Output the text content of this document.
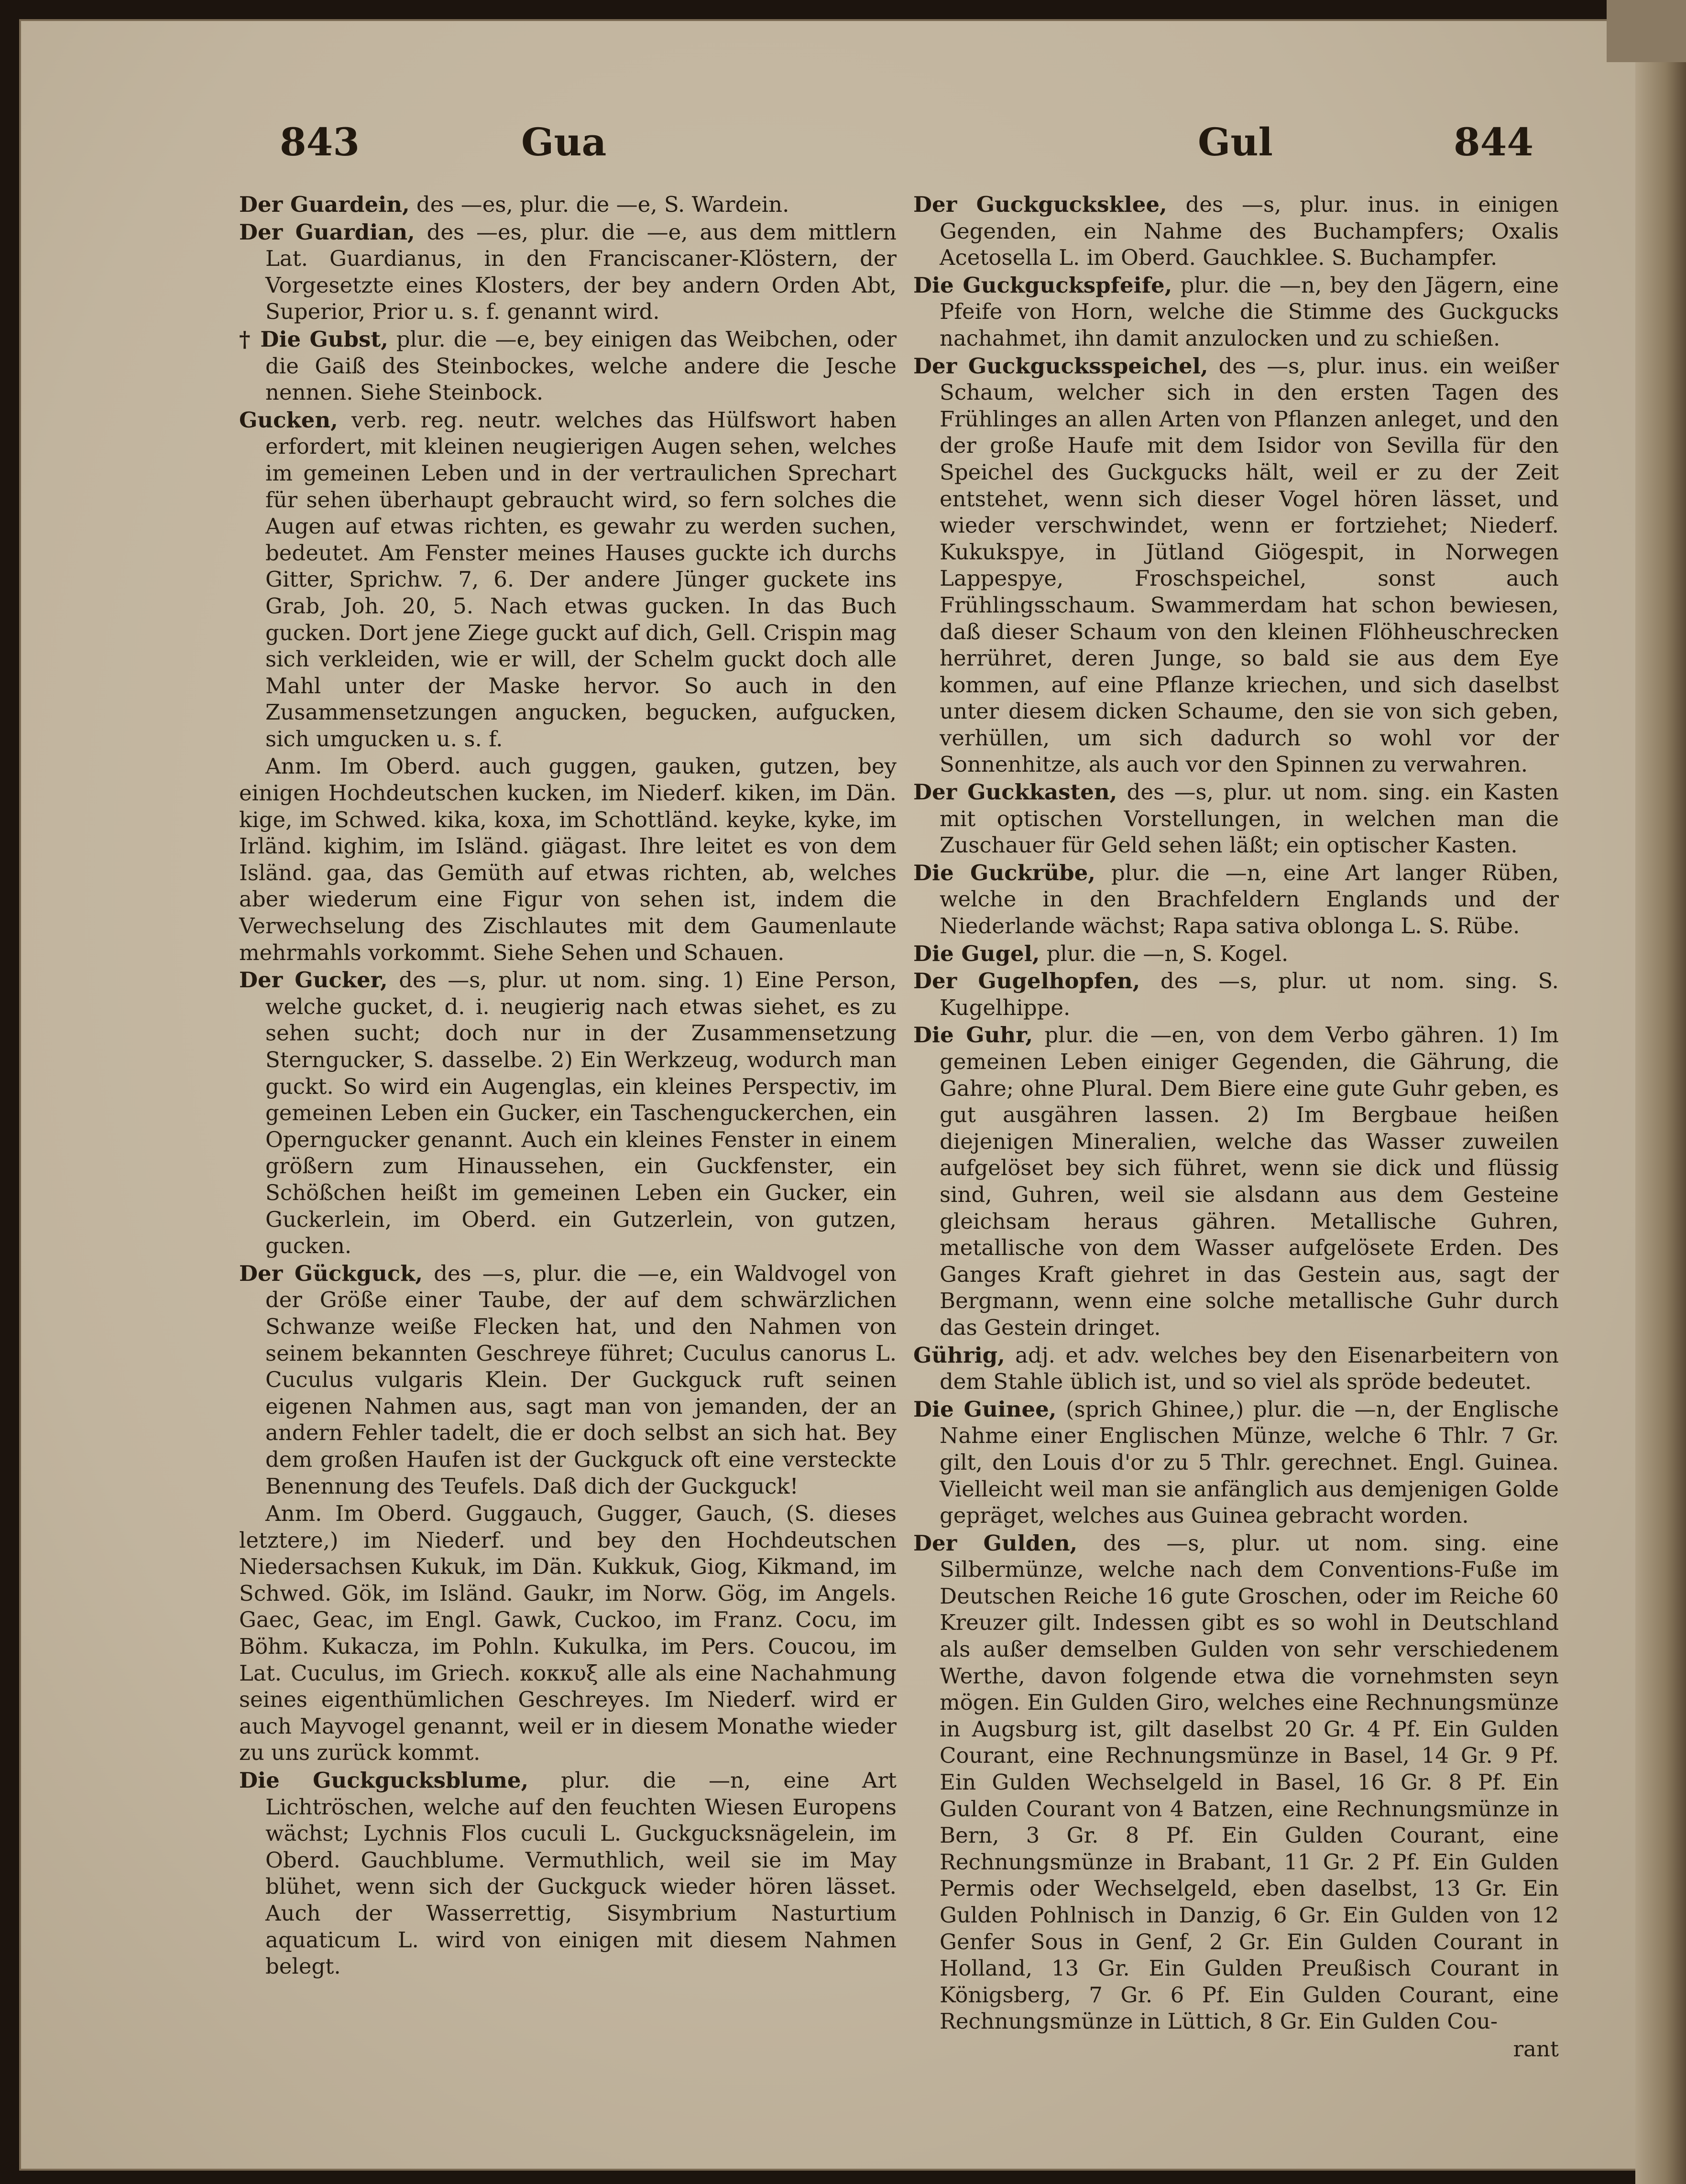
843	Gua	Gul	844

Der Guardein, des —es, plur. die —e, S. Wardein.

Der Guardian, des —es, plur. die —e, aus dem mittlern Lat. Guardianus, in den Franciscaner-Klöstern, der Vorgesetzte eines Klosters, der bey andern Orden Abt, Superior, Prior u. s. f. genannt wird.

† Die Gubst, plur. die —e, bey einigen das Weibchen, oder die Gaiß des Steinbockes, welche andere die Jesche nennen. Siehe Steinbock.

Gucken, verb. reg. neutr. welches das Hülfswort haben erfordert, mit kleinen neugierigen Augen sehen, welches im gemeinen Leben und in der vertraulichen Sprechart für sehen überhaupt gebraucht wird, so fern solches die Augen auf etwas richten, es gewahr zu werden suchen, bedeutet. Am Fenster meines Hauses guckte ich durchs Gitter, Sprichw. 7, 6. Der andere Jünger guckete ins Grab, Joh. 20, 5. Nach etwas gucken. In das Buch gucken. Dort jene Ziege guckt auf dich, Gell. Crispin mag sich verkleiden, wie er will, der Schelm guckt doch alle Mahl unter der Maske hervor. So auch in den Zusammensetzungen angucken, begucken, aufgucken, sich umgucken u. s. f.

Anm. Im Oberd. auch guggen, gauken, gutzen, bey einigen Hochdeutschen kucken, im Niederf. kiken, im Dän. kige, im Schwed. kika, koxa, im Schottländ. keyke, kyke, im Irländ. kighim, im Isländ. giägast. Ihre leitet es von dem Isländ. gaa, das Gemüth auf etwas richten, ab, welches aber wiederum eine Figur von sehen ist, indem die Verwechselung des Zischlautes mit dem Gaumenlaute mehrmahls vorkommt. Siehe Sehen und Schauen.

Der Gucker, des —s, plur. ut nom. sing. 1) Eine Person, welche gucket, d. i. neugierig nach etwas siehet, es zu sehen sucht; doch nur in der Zusammensetzung Sterngucker, S. dasselbe. 2) Ein Werkzeug, wodurch man guckt. So wird ein Augenglas, ein kleines Perspectiv, im gemeinen Leben ein Gucker, ein Taschenguckerchen, ein Operngucker genannt. Auch ein kleines Fenster in einem größern zum Hinaussehen, ein Guckfenster, ein Schößchen heißt im gemeinen Leben ein Gucker, ein Guckerlein, im Oberd. ein Gutzerlein, von gutzen, gucken.

Der Gückguck, des —s, plur. die —e, ein Waldvogel von der Größe einer Taube, der auf dem schwärzlichen Schwanze weiße Flecken hat, und den Nahmen von seinem bekannten Geschreye führet; Cuculus canorus L. Cuculus vulgaris Klein. Der Guckguck ruft seinen eigenen Nahmen aus, sagt man von jemanden, der an andern Fehler tadelt, die er doch selbst an sich hat. Bey dem großen Haufen ist der Guckguck oft eine versteckte Benennung des Teufels. Daß dich der Guckguck!

Anm. Im Oberd. Guggauch, Gugger, Gauch, (S. dieses letztere,) im Niederf. und bey den Hochdeutschen Niedersachsen Kukuk, im Dän. Kukkuk, Giog, Kikmand, im Schwed. Gök, im Isländ. Gaukr, im Norw. Gög, im Angels. Gaec, Geac, im Engl. Gawk, Cuckoo, im Franz. Cocu, im Böhm. Kukacza, im Pohln. Kukulka, im Pers. Coucou, im Lat. Cuculus, im Griech. κοκκυξ alle als eine Nachahmung seines eigenthümlichen Geschreyes. Im Niederf. wird er auch Mayvogel genannt, weil er in diesem Monathe wieder zu uns zurück kommt.

Die Guckgucksblume, plur. die —n, eine Art Lichtröschen, welche auf den feuchten Wiesen Europens wächst; Lychnis Flos cuculi L. Guckgucksnägelein, im Oberd. Gauchblume. Vermuthlich, weil sie im May blühet, wenn sich der Guckguck wieder hören lässet. Auch der Wasserrettig, Sisymbrium Nasturtium aquaticum L. wird von einigen mit diesem Nahmen belegt.

Der Guckgucksklee, des —s, plur. inus. in einigen Gegenden, ein Nahme des Buchampfers; Oxalis Acetosella L. im Oberd. Gauchklee. S. Buchampfer.

Die Guckguckspfeife, plur. die —n, bey den Jägern, eine Pfeife von Horn, welche die Stimme des Guckgucks nachahmet, ihn damit anzulocken und zu schießen.

Der Guckgucksspeichel, des —s, plur. inus. ein weißer Schaum, welcher sich in den ersten Tagen des Frühlinges an allen Arten von Pflanzen anleget, und den der große Haufe mit dem Isidor von Sevilla für den Speichel des Guckgucks hält, weil er zu der Zeit entstehet, wenn sich dieser Vogel hören lässet, und wieder verschwindet, wenn er fortziehet; Niederf. Kukukspye, in Jütland Giögespit, in Norwegen Lappespye, Froschspeichel, sonst auch Frühlingsschaum. Swammerdam hat schon bewiesen, daß dieser Schaum von den kleinen Flöhheuschrecken herrühret, deren Junge, so bald sie aus dem Eye kommen, auf eine Pflanze kriechen, und sich daselbst unter diesem dicken Schaume, den sie von sich geben, verhüllen, um sich dadurch so wohl vor der Sonnenhitze, als auch vor den Spinnen zu verwahren.

Der Guckkasten, des —s, plur. ut nom. sing. ein Kasten mit optischen Vorstellungen, in welchen man die Zuschauer für Geld sehen läßt; ein optischer Kasten.

Die Guckrübe, plur. die —n, eine Art langer Rüben, welche in den Brachfeldern Englands und der Niederlande wächst; Rapa sativa oblonga L. S. Rübe.

Die Gugel, plur. die —n, S. Kogel.

Der Gugelhopfen, des —s, plur. ut nom. sing. S. Kugelhippe.

Die Guhr, plur. die —en, von dem Verbo gähren. 1) Im gemeinen Leben einiger Gegenden, die Gährung, die Gahre; ohne Plural. Dem Biere eine gute Guhr geben, es gut ausgähren lassen. 2) Im Bergbaue heißen diejenigen Mineralien, welche das Wasser zuweilen aufgelöset bey sich führet, wenn sie dick und flüssig sind, Guhren, weil sie alsdann aus dem Gesteine gleichsam heraus gähren. Metallische Guhren, metallische von dem Wasser aufgelösete Erden. Des Ganges Kraft giehret in das Gestein aus, sagt der Bergmann, wenn eine solche metallische Guhr durch das Gestein dringet.

Gührig, adj. et adv. welches bey den Eisenarbeitern von dem Stahle üblich ist, und so viel als spröde bedeutet.

Die Guinee, (sprich Ghinee,) plur. die —n, der Englische Nahme einer Englischen Münze, welche 6 Thlr. 7 Gr. gilt, den Louis d'or zu 5 Thlr. gerechnet. Engl. Guinea. Vielleicht weil man sie anfänglich aus demjenigen Golde gepräget, welches aus Guinea gebracht worden.

Der Gulden, des —s, plur. ut nom. sing. eine Silbermünze, welche nach dem Conventions-Fuße im Deutschen Reiche 16 gute Groschen, oder im Reiche 60 Kreuzer gilt. Indessen gibt es so wohl in Deutschland als außer demselben Gulden von sehr verschiedenem Werthe, davon folgende etwa die vornehmsten seyn mögen. Ein Gulden Giro, welches eine Rechnungsmünze in Augsburg ist, gilt daselbst 20 Gr. 4 Pf. Ein Gulden Courant, eine Rechnungsmünze in Basel, 14 Gr. 9 Pf. Ein Gulden Wechselgeld in Basel, 16 Gr. 8 Pf. Ein Gulden Courant von 4 Batzen, eine Rechnungsmünze in Bern, 3 Gr. 8 Pf. Ein Gulden Courant, eine Rechnungsmünze in Brabant, 11 Gr. 2 Pf. Ein Gulden Permis oder Wechselgeld, eben daselbst, 13 Gr. Ein Gulden Pohlnisch in Danzig, 6 Gr. Ein Gulden von 12 Genfer Sous in Genf, 2 Gr. Ein Gulden Courant in Holland, 13 Gr. Ein Gulden Preußisch Courant in Königsberg, 7 Gr. 6 Pf. Ein Gulden Courant, eine Rechnungsmünze in Lüttich, 8 Gr. Ein Gulden Cou-

rant
